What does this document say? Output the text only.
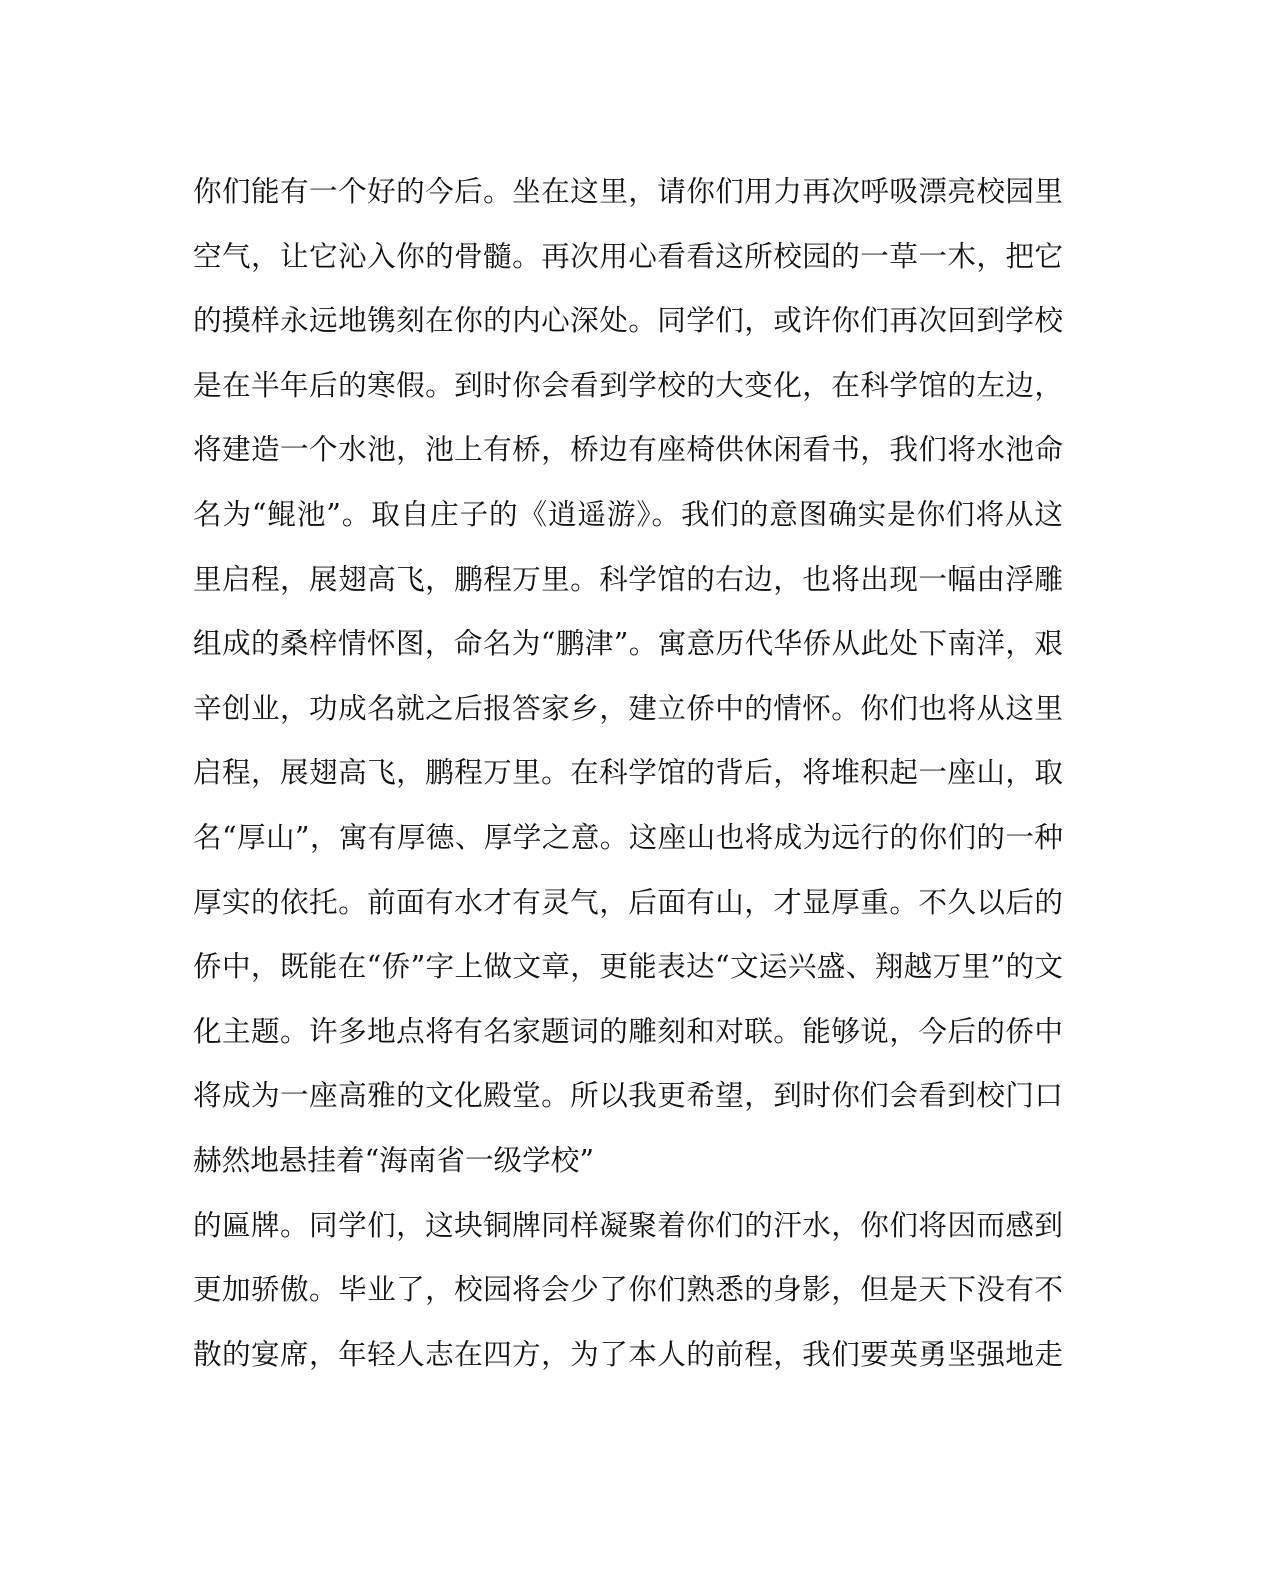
你们能有一个好的今后。坐在这里，请你们用力再次呼吸漂亮校园里
空气，让它沁入你的骨髓。再次用心看看这所校园的一草一木，把它
的摸样永远地镌刻在你的内心深处。同学们，或许你们再次回到学校
是在半年后的寒假。到时你会看到学校的大变化，在科学馆的左边，
将建造一个水池，池上有桥，桥边有座椅供休闲看书，我们将水池命
名为“鲲池”。取自庄子的《逍遥游》。我们的意图确实是你们将从这
里启程，展翅高飞，鹏程万里。科学馆的右边，也将出现一幅由浮雕
组成的桑梓情怀图，命名为“鹏津”。寓意历代华侨从此处下南洋，艰
辛创业，功成名就之后报答家乡，建立侨中的情怀。你们也将从这里
启程，展翅高飞，鹏程万里。在科学馆的背后，将堆积起一座山，取
名“厚山”，寓有厚德、厚学之意。这座山也将成为远行的你们的一种
厚实的依托。前面有水才有灵气，后面有山，才显厚重。不久以后的
侨中，既能在“侨”字上做文章，更能表达“文运兴盛、翔越万里”的文
化主题。许多地点将有名家题词的雕刻和对联。能够说，今后的侨中
将成为一座高雅的文化殿堂。所以我更希望，到时你们会看到校门口
赫然地悬挂着“海南省一级学校”
的匾牌。同学们，这块铜牌同样凝聚着你们的汗水，你们将因而感到
更加骄傲。毕业了，校园将会少了你们熟悉的身影，但是天下没有不
散的宴席，年轻人志在四方，为了本人的前程，我们要英勇坚强地走
